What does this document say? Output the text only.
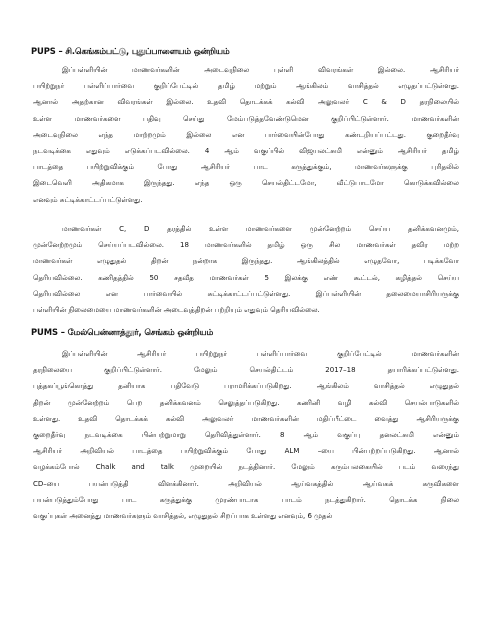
PUPS – சி.கெங்கம்பட்டு, புதுப்பாளையம் ஒன்றியம்
இப்பள்ளியின் மாணவர்களின் அடைவுநிலை புள்ளி விவரங்கள் இல்லை. ஆசிரியர்
பயிற்றுநர் பள்ளிப்பார்வை குறிப்பேட்டில் தமிழ் மற்றும் ஆங்கிலம் வாசித்தல் எழுதப்பட்டுள்ளது.
ஆனால் அதற்கான விவரங்கள் இல்லை. உதவி தொடக்கக் கல்வி அலுவலர் C & D தரநிலையில்
உள்ள மாணவர்களை பதிவு செய்து மேம்படுத்தவேண்டுமென குறிப்பிட்டுள்ளார். மாணவர்களின்
அடைவுநிலை எந்த மாற்றமும் இல்லை என பார்வையின்போது கண்டறியப்பட்டது. குறைதீர்வு
நடவடிக்கை எதுவும் எடுக்கப்படவில்லை. 4 ஆம் வகுப்பில் விஜயலட்சுமி என்னும் ஆசிரியர் தமிழ்
பாடத்தை பயிற்றுவிக்கும் போது ஆசிரியர் பாட கருத்துக்கும், மாணவர்களுக்கு புரிதலில்
இடைவெளி அதிகமாக இருந்தது. எந்த ஒரு செயல்திட்டமோ, வீட்டுபாடமோ கொடுக்கவில்லை
எனவும் சுட்டிக்காட்டப்பட்டுள்ளது.
மாணவர்கள் C, D தரத்தில் உள்ள மாணவர்களை முன்னேற்றம் செய்ய தனிக்கவனமும்,
முன்னேற்றமும் செய்யப்படவில்லை. 18 மாணவர்களில் தமிழ் ஒரு சில மாணவர்கள் தவிர மற்ற
மாணவர்கள் எழுதுதல் திறன் நன்றாக இருந்தது. ஆங்கிலத்தில் எழுதவோ, படிக்கவோ
தெரியவில்லை. கணிதத்தில் 50 சதவீத மாணவர்கள் 5 இலக்கு எண் கூட்டல், கழித்தல் செய்ய
தெரியவில்லை என பார்வையில் சுட்டிக்காட்டப்பட்டுள்ளது. இப்பள்ளியின் தலைமையாசிரியருக்கு
பள்ளியின் நிலைமையை மாணவர்களின் அடைவுத்திறன் பற்றியும் எதுவும் தெரியவில்லை.
PUMS – மேல்பென்னாத்தூர், செங்கம் ஒன்றியம்
இப்பள்ளியின் ஆசிரியர் பயிற்றுநர் பள்ளிப்பார்வை குறிப்பேட்டில் மாணவர்களின்
தரநிலையை குறிப்பிட்டுள்ளார். மேலும் செயல்திட்டம் 2017–18 தயாரிக்கப்பட்டுள்ளது.
புத்தகப்பூங்கொத்து தனியாக பதிவேடு பராமரிக்கப்படுகிறது. ஆங்கிலம் வாசித்தல் எழுதுதல்
திறன் முன்னேற்றம் பெற தனிக்கவனம் செலுத்தப்படுகிறது. கணினி வழி கல்வி செயல்பாடுகளில்
உள்ளது. உதவி தொடக்கக் கல்வி அலுவலர் மாணவர்களின் மதிப்பீட்டை வைத்து ஆசிரியருக்கு
குறைதீர்வு நடவடிக்கை பின்பற்றுமாறு தெரிவித்துள்ளார். 8 ஆம் வகுப்பு தனலட்சுமி என்னும்
ஆசிரியர் அறிவியல் பாடத்தை பயிற்றுவிக்கும் போது ALM –யை பின்பற்றப்படுகிறது. ஆனால்
வழக்கம்போல் Chalk and talk முறையில் நடத்தினார். மேலும் கரும்பலகையில் படம் வரைந்து
CD–யை பயன்படுத்தி விளக்கினார். அறிவியல் ஆய்வகத்தில் ஆய்வகக் கருவிகளை
பயன்படுத்தும்போது பாட கருத்துக்கு முரண்பாடாக பாடம் நடத்துகிறார். தொடக்க நிலை
வகுப்புகள் அனைத்து மாணவர்களும் வாசித்தல், எழுதுதல் சிறப்பாக உள்ளது எனவும், 6 முதல்
